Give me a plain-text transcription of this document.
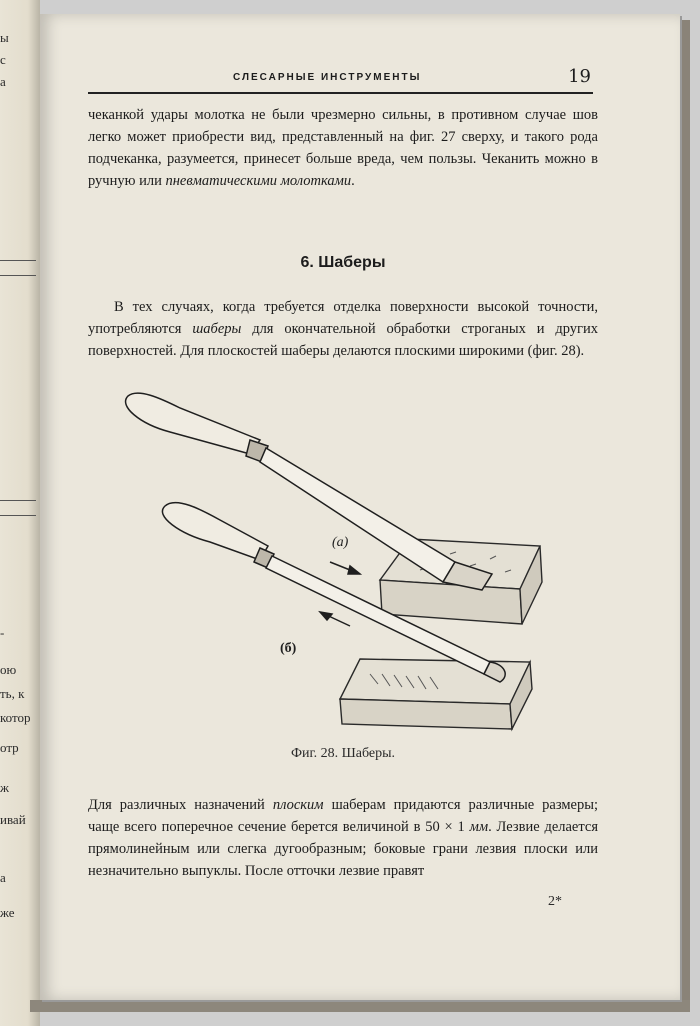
ы
с
а
-
ою
ть, к
котор
отр
ж
ивай
а
же
СЛЕСАРНЫЕ ИНСТРУМЕНТЫ	19

чеканкой удары молотка не были чрезмерно сильны, в противном случае шов легко может приобрести вид, представленный на фиг. 27 сверху, и такого рода подчеканка, разумеется, принесет больше вреда, чем пользы. Чеканить можно в ручную или пневматическими молотками.

6. Шаберы

В тех случаях, когда требуется отделка поверхности высокой точности, употребляются шаберы для окончательной обработки строганых и других поверхностей. Для плоскостей шаберы делаются плоскими широкими (фиг. 28).

(a)
(б)
Фиг. 28. Шаберы.

Для различных назначений плоским шаберам придаются различные размеры; чаще всего поперечное сечение берется величиной в 50 × 1 мм. Лезвие делается прямолинейным или слегка дугообразным; боковые грани лезвия плоски или незначительно выпуклы. После отточки лезвие правят

2*
